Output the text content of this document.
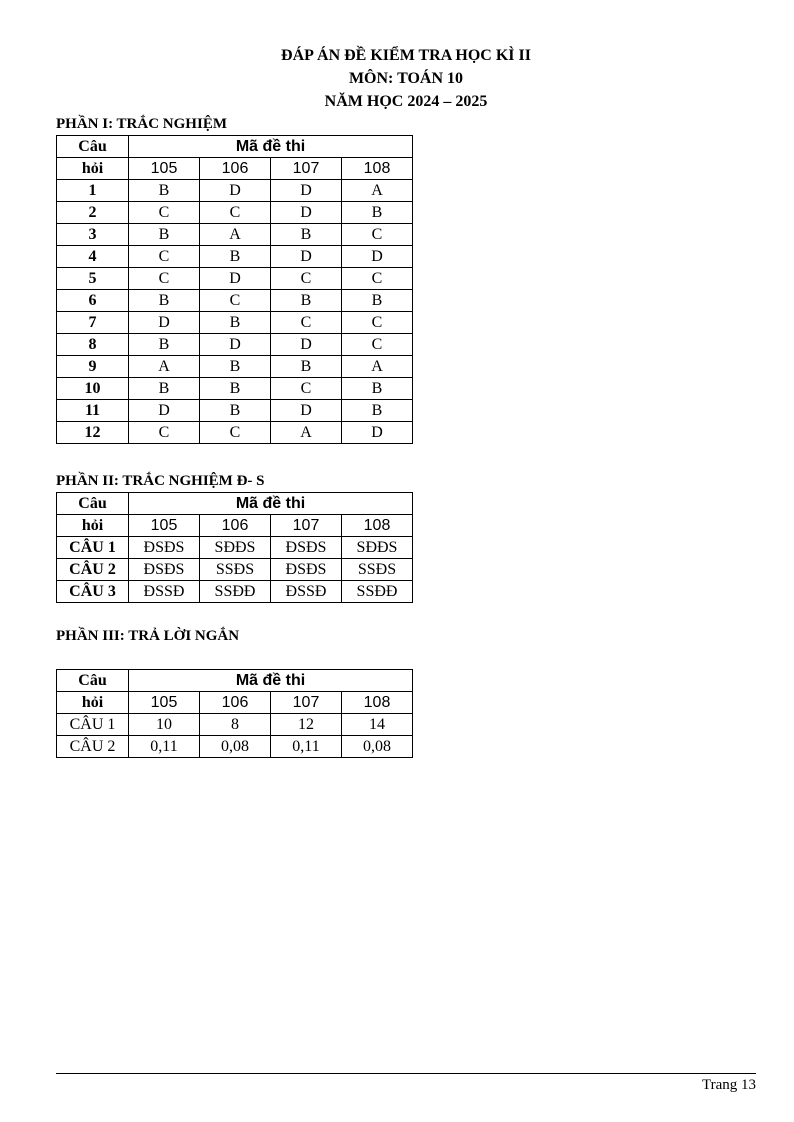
ĐÁP ÁN ĐỀ KIỂM TRA HỌC KÌ II
MÔN: TOÁN 10
NĂM HỌC 2024 – 2025
PHẦN I: TRẮC NGHIỆM
Câu	Mã đề thi			
hỏi	105	106	107	108
1	B	D	D	A
2	C	C	D	B
3	B	A	B	C
4	C	B	D	D
5	C	D	C	C
6	B	C	B	B
7	D	B	C	C
8	B	D	D	C
9	A	B	B	A
10	B	B	C	B
11	D	B	D	B
12	C	C	A	D
PHẦN II: TRẮC NGHIỆM Đ- S
Câu	Mã đề thi			
hỏi	105	106	107	108
CÂU 1	ĐSĐS	SĐĐS	ĐSĐS	SĐĐS
CÂU 2	ĐSĐS	SSĐS	ĐSĐS	SSĐS
CÂU 3	ĐSSĐ	SSĐĐ	ĐSSĐ	SSĐĐ
PHẦN III: TRẢ LỜI NGẮN
Câu	Mã đề thi			
hỏi	105	106	107	108
CÂU 1	10	8	12	14
CÂU 2	0,11	0,08	0,11	0,08
Trang 13
